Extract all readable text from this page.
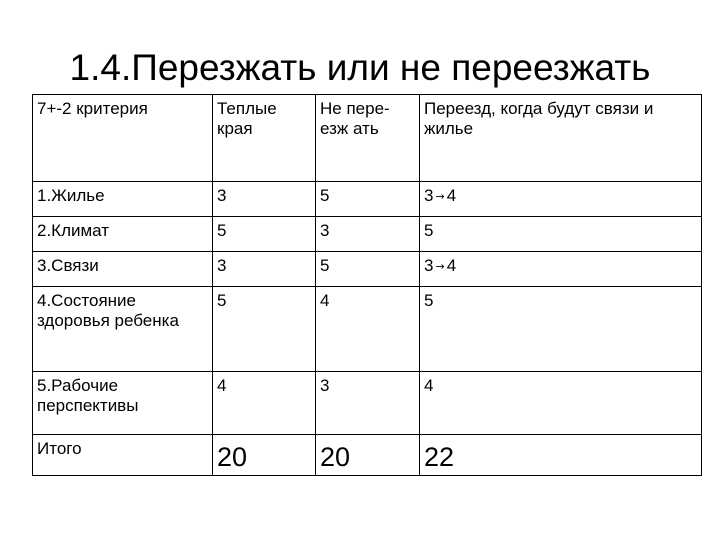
1.4.Перезжать или не переезжать
7+-2 критерия	Теплые края	Не пере-езж ать	Переезд, когда будут связи и жилье
1.Жилье	3	5	3 → 4
2.Климат	5	3	5
3.Связи	3	5	3 → 4
4.Состояние здоровья ребенка	5	4	5
5.Рабочие перспективы	4	3	4
Итого	20	20	22
